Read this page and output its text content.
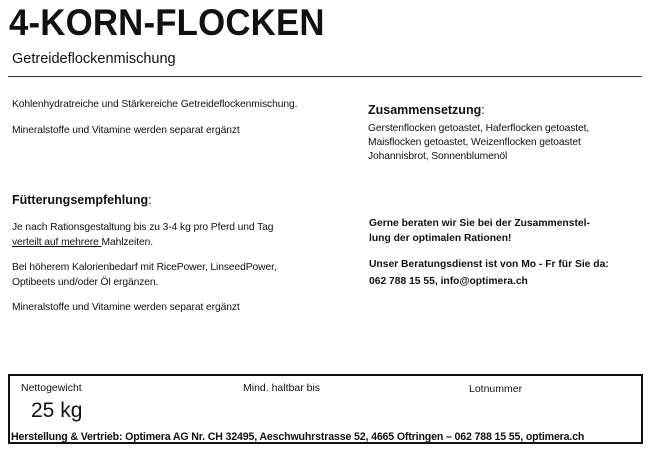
4-KORN-FLOCKEN
Getreideflockenmischung
Kohlenhydratreiche und Stärkereiche Getreideflockenmischung.
Mineralstoffe und Vitamine werden separat ergänzt
Zusammensetzung:
Gerstenflocken getoastet, Haferflocken getoastet,
Maisflocken getoastet, Weizenflocken getoastet
Johannisbrot, Sonnenblumenöl
Fütterungsempfehlung:
Je nach Rationsgestaltung bis zu 3-4 kg pro Pferd und Tag
verteilt auf mehrere Mahlzeiten.
Bei höherem Kalorienbedarf mit RicePower, LinseedPower,
Optibeets und/oder Öl ergänzen.
Mineralstoffe und Vitamine werden separat ergänzt
Gerne beraten wir Sie bei der Zusammenstel-
lung der optimalen Rationen!
Unser Beratungsdienst ist von Mo - Fr für Sie da:
062 788 15 55, info@optimera.ch
Nettogewicht
25 kg
Mind. haltbar bis	Lotnummer
Herstellung & Vertrieb: Optimera AG Nr. CH 32495, Aeschwuhrstrasse 52, 4665 Oftringen – 062 788 15 55, optimera.ch
